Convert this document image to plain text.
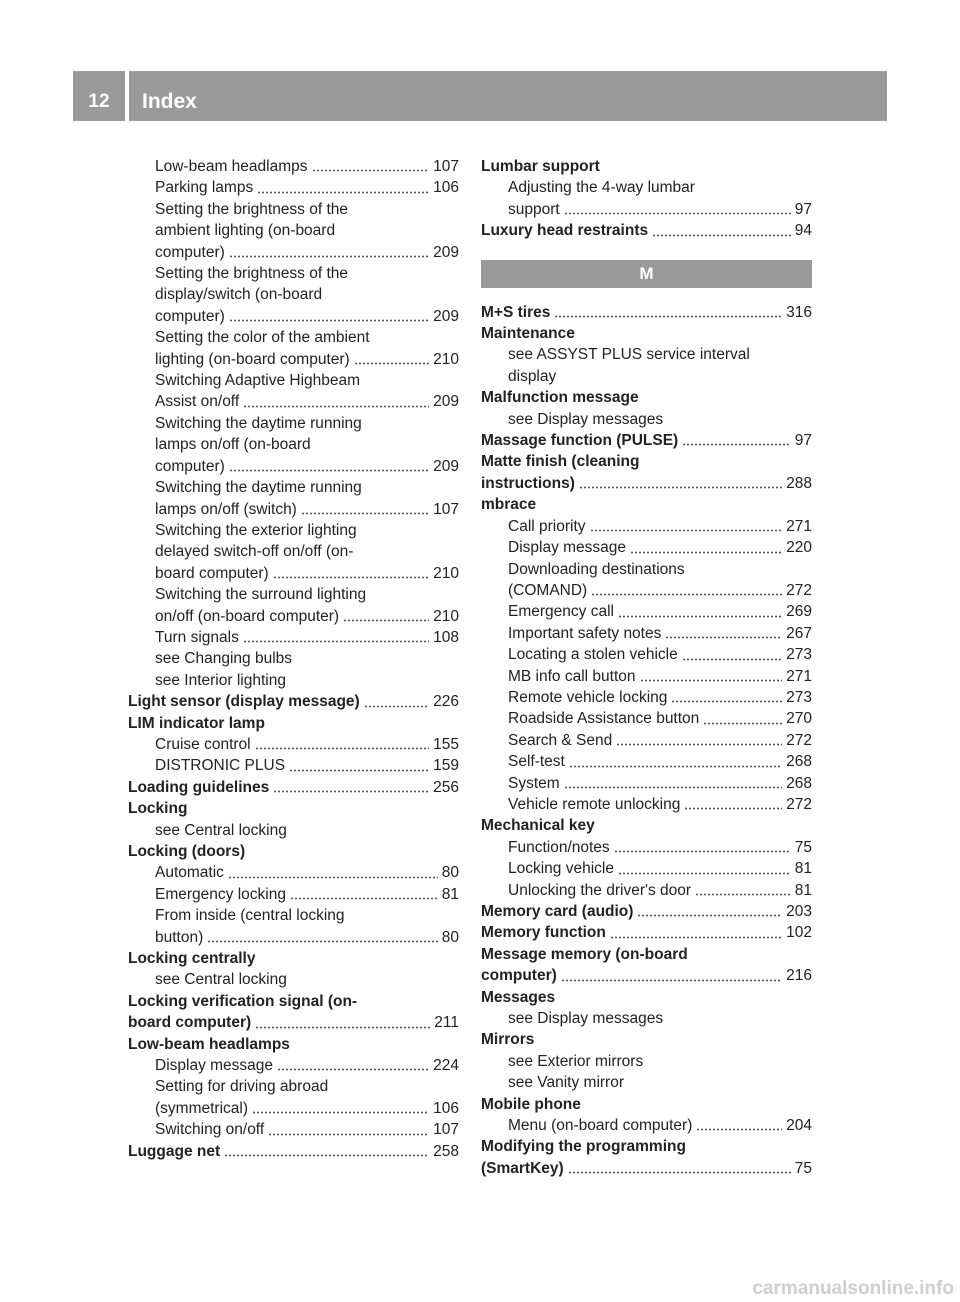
12	Index
Low-beam headlamps	107
Parking lamps	106
Setting the brightness of the
ambient lighting (on-board
computer)	209
Setting the brightness of the
display/switch (on-board
computer)	209
Setting the color of the ambient
lighting (on-board computer)	210
Switching Adaptive Highbeam
Assist on/off	209
Switching the daytime running
lamps on/off (on-board
computer)	209
Switching the daytime running
lamps on/off (switch)	107
Switching the exterior lighting
delayed switch-off on/off (on-
board computer)	210
Switching the surround lighting
on/off (on-board computer)	210
Turn signals	108
see Changing bulbs
see Interior lighting
Light sensor (display message)	226
LIM indicator lamp
Cruise control	155
DISTRONIC PLUS	159
Loading guidelines	256
Locking
see Central locking
Locking (doors)
Automatic	80
Emergency locking	81
From inside (central locking
button)	80
Locking centrally
see Central locking
Locking verification signal (on-
board computer)	211
Low-beam headlamps
Display message	224
Setting for driving abroad
(symmetrical)	106
Switching on/off	107
Luggage net	258
Lumbar support
Adjusting the 4-way lumbar
support	97
Luxury head restraints	94
M
M+S tires	316
Maintenance
see ASSYST PLUS service interval
display
Malfunction message
see Display messages
Massage function (PULSE)	97
Matte finish (cleaning
instructions)	288
mbrace
Call priority	271
Display message	220
Downloading destinations
(COMAND)	272
Emergency call	269
Important safety notes	267
Locating a stolen vehicle	273
MB info call button	271
Remote vehicle locking	273
Roadside Assistance button	270
Search & Send	272
Self-test	268
System	268
Vehicle remote unlocking	272
Mechanical key
Function/notes	75
Locking vehicle	81
Unlocking the driver's door	81
Memory card (audio)	203
Memory function	102
Message memory (on-board
computer)	216
Messages
see Display messages
Mirrors
see Exterior mirrors
see Vanity mirror
Mobile phone
Menu (on-board computer)	204
Modifying the programming
(SmartKey)	75
carmanualsonline.info
